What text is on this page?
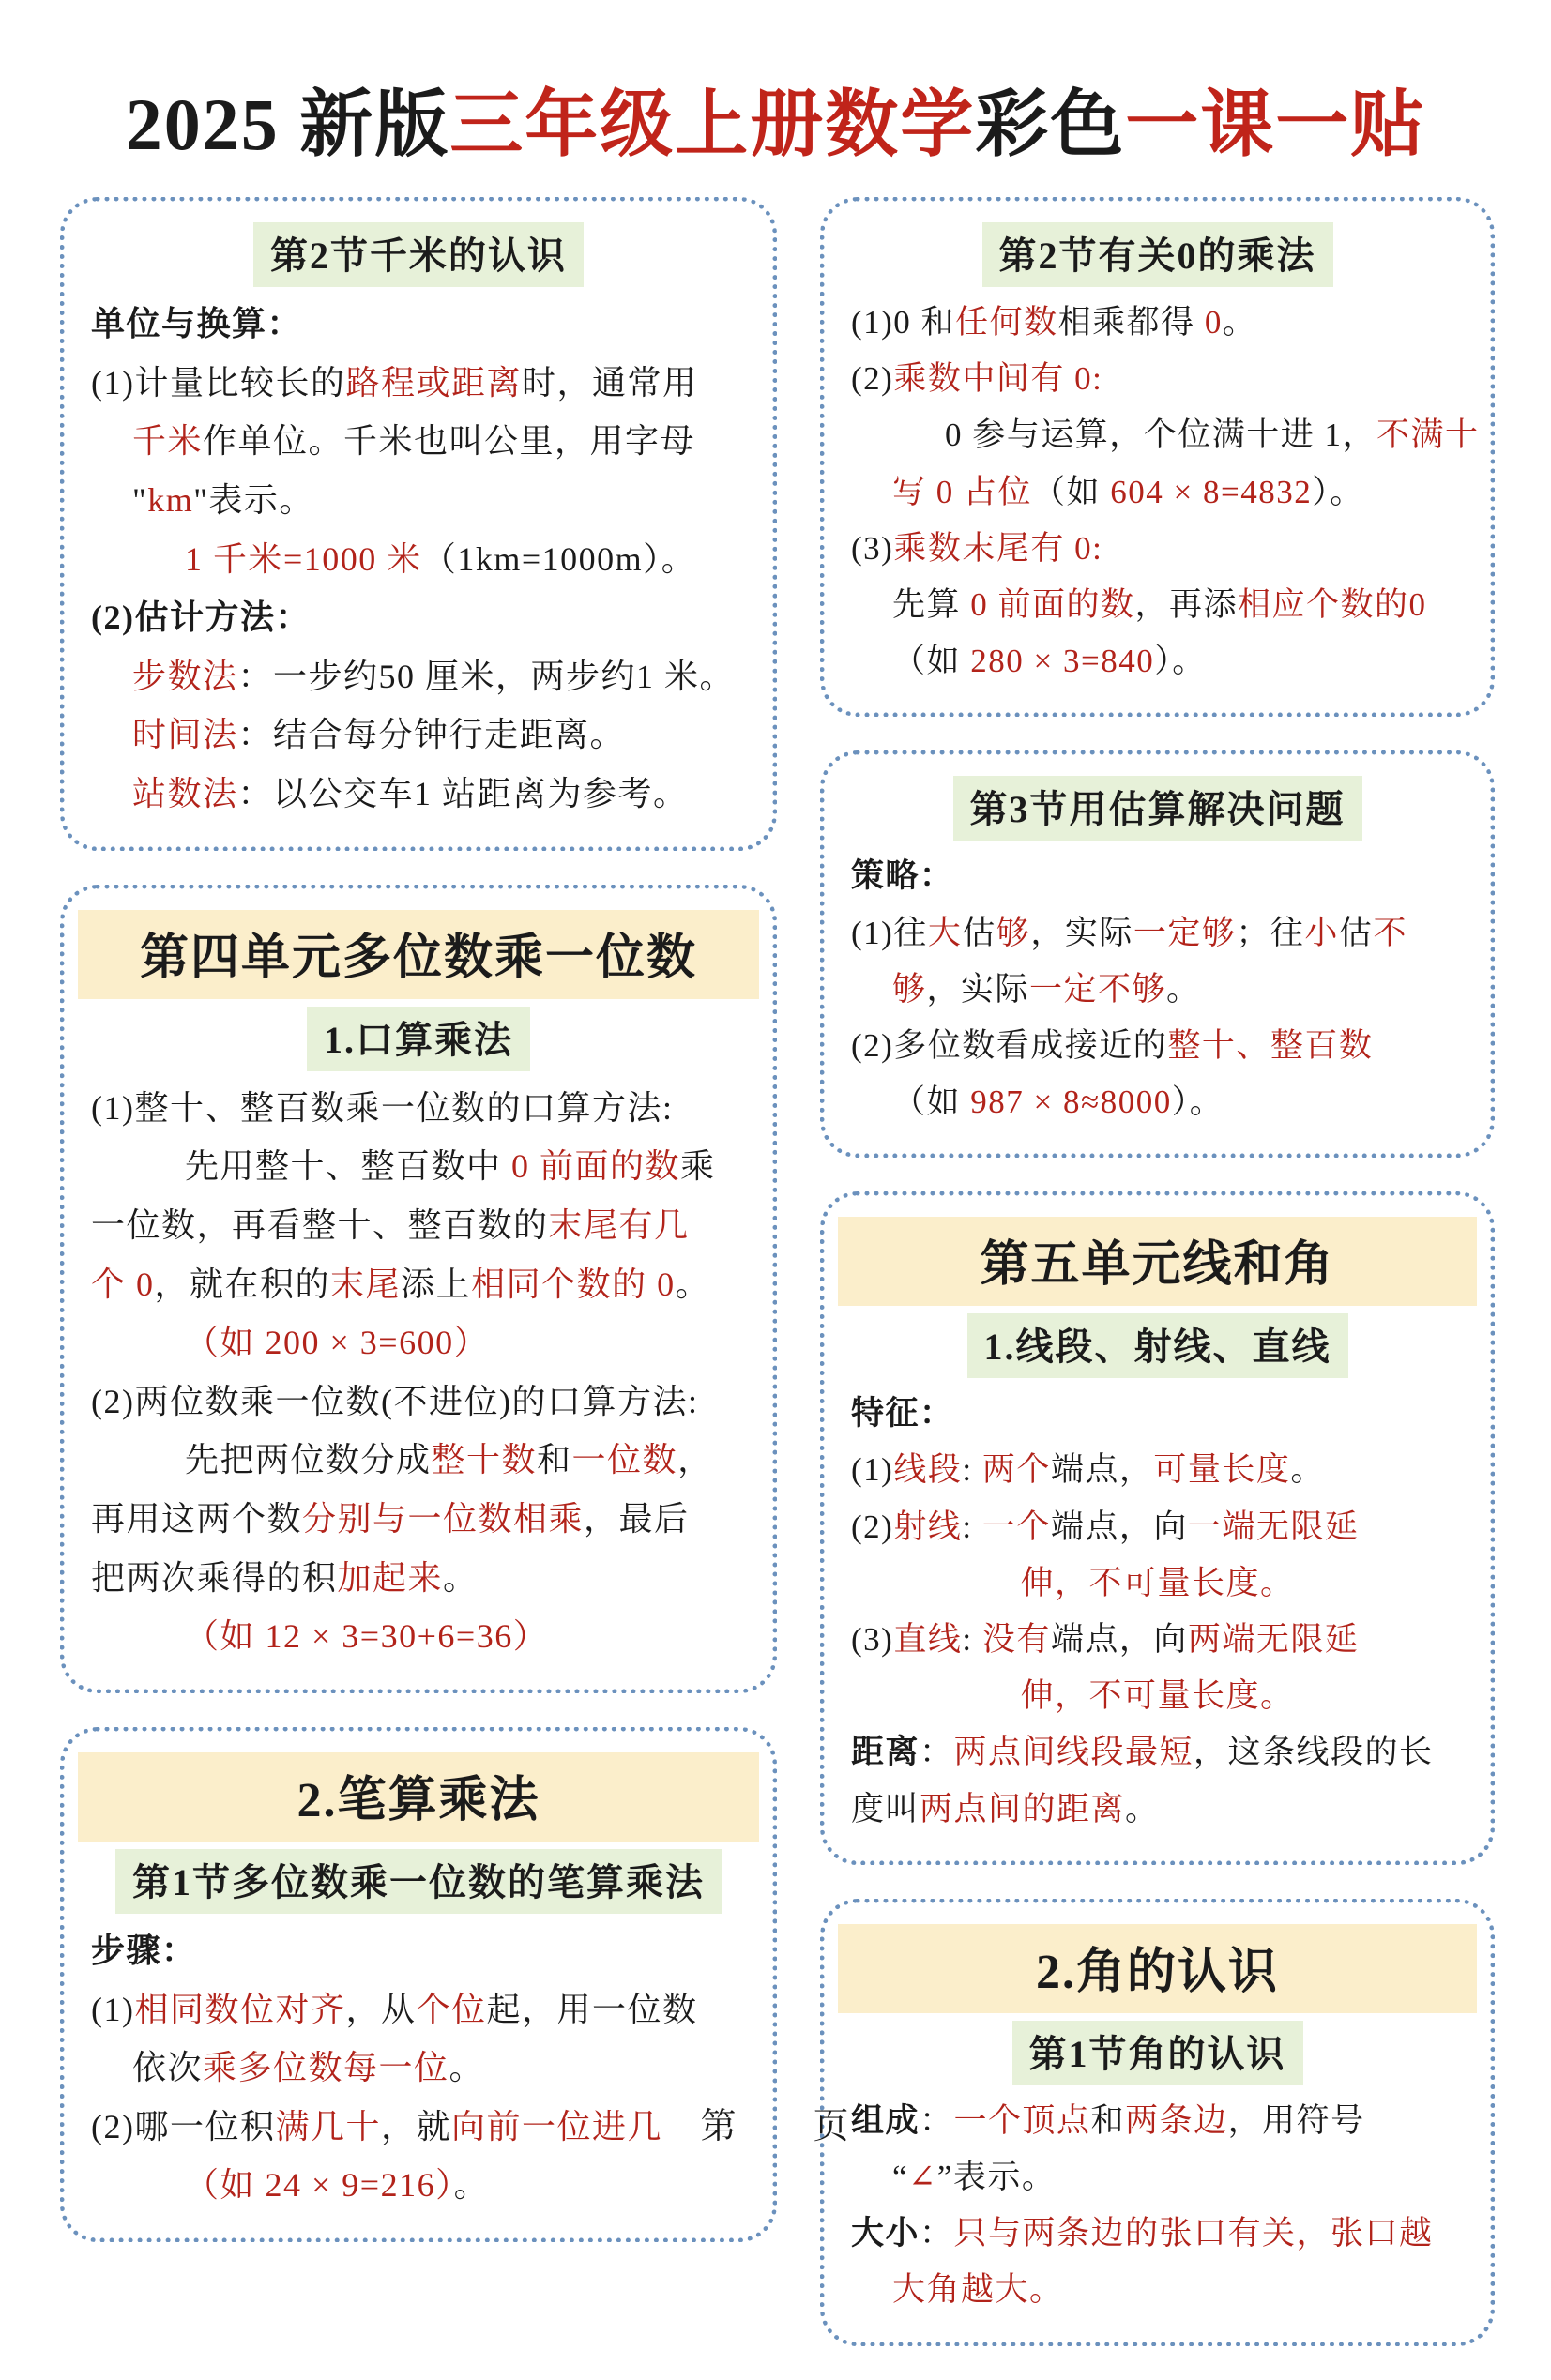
2025 新版三年级上册数学彩色一课一贴
第2节千米的认识

单位与换算：

(1)计量比较长的路程或距离时，通常用

千米作单位。千米也叫公里，用字母

"km"表示。

1 千米=1000 米（1km=1000m）。

(2)估计方法：

步数法：一步约50 厘米，两步约1 米。

时间法：结合每分钟行走距离。

站数法：以公交车1 站距离为参考。

第四单元多位数乘一位数
1.口算乘法

(1)整十、整百数乘一位数的口算方法:

先用整十、整百数中 0 前面的数乘

一位数，再看整十、整百数的末尾有几

个 0，就在积的末尾添上相同个数的 0。

（如 200 × 3=600）

(2)两位数乘一位数(不进位)的口算方法:

先把两位数分成整十数和一位数，

再用这两个数分别与一位数相乘，最后

把两次乘得的积加起来。

（如 12 × 3=30+6=36）

2.笔算乘法
第1节多位数乘一位数的笔算乘法

步骤：

(1)相同数位对齐，从个位起，用一位数

依次乘多位数每一位。

(2)哪一位积满几十，就向前一位进几

（如 24 × 9=216）。

第2节有关0的乘法

(1)0 和任何数相乘都得 0。

(2)乘数中间有 0:

0 参与运算，个位满十进 1，不满十

写 0 占位（如 604 × 8=4832）。

(3)乘数末尾有 0:

先算 0 前面的数，再添相应个数的0

（如 280 × 3=840）。

第3节用估算解决问题

策略：

(1)往大估够，实际一定够；往小估不

够，实际一定不够。

(2)多位数看成接近的整十、整百数

（如 987 × 8≈8000）。

第五单元线和角
1.线段、射线、直线

特征：

(1)线段: 两个端点，可量长度。

(2)射线: 一个端点，向一端无限延

伸，不可量长度。

(3)直线: 没有端点，向两端无限延

伸，不可量长度。

距离：两点间线段最短，这条线段的长

度叫两点间的距离。

2.角的认识
第1节角的认识

组成：一个顶点和两条边，用符号

“∠”表示。

大小：只与两条边的张口有关，张口越

大角越大。

第　　页
